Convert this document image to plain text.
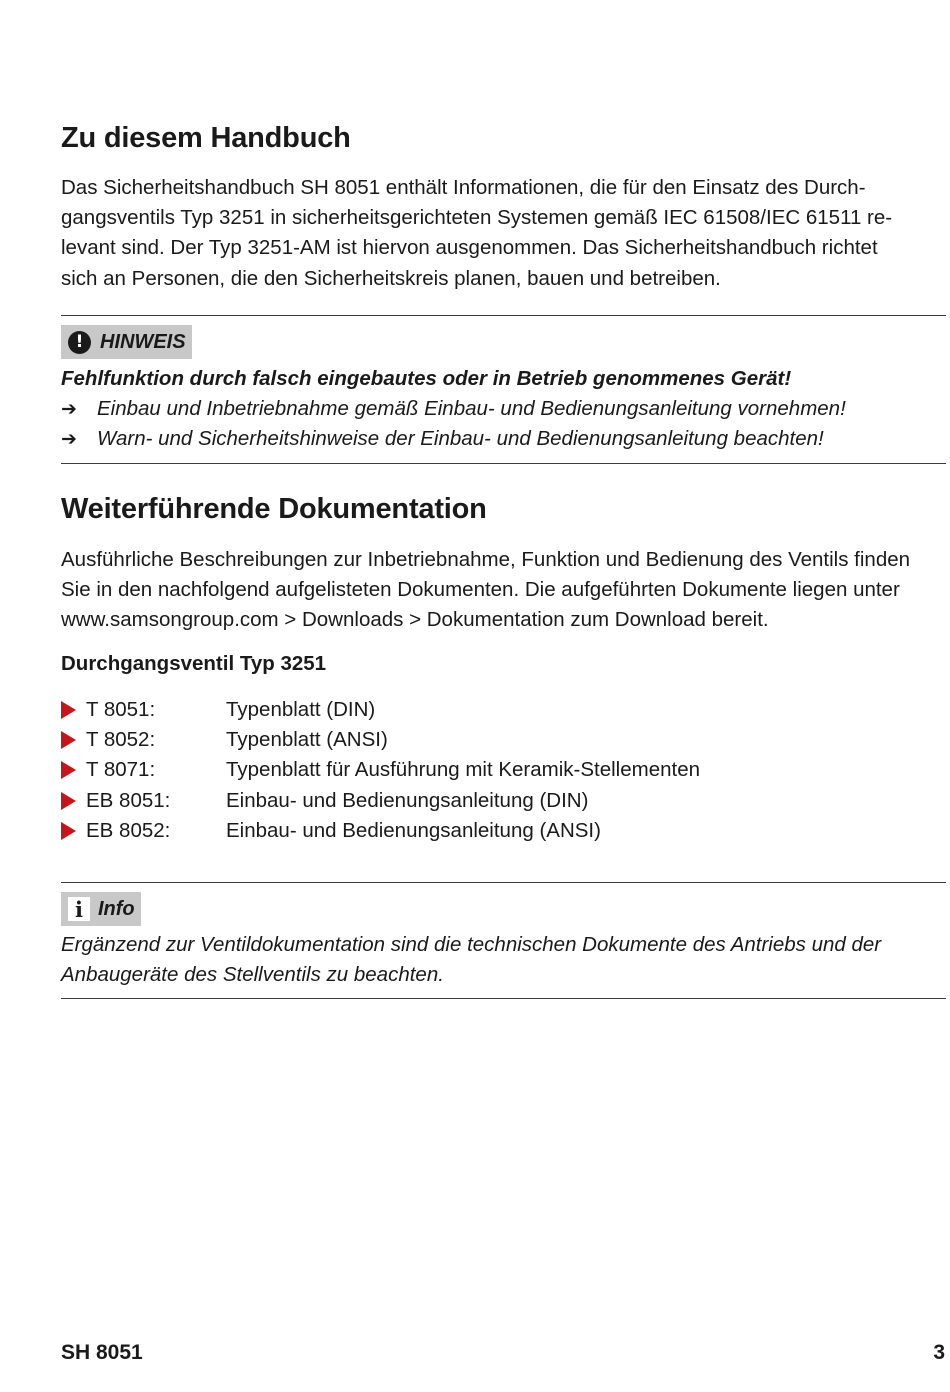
Zu diesem Handbuch
Das Sicherheitshandbuch SH 8051 enthält Informationen, die für den Einsatz des Durch-
gangsventils Typ 3251 in sicherheitsgerichteten Systemen gemäß IEC 61508/IEC 61511 re-
levant sind. Der Typ 3251-AM ist hiervon ausgenommen. Das Sicherheitshandbuch richtet
sich an Personen, die den Sicherheitskreis planen, bauen und betreiben.
! HINWEIS
Fehlfunktion durch falsch eingebautes oder in Betrieb genommenes Gerät!
➔ Einbau und Inbetriebnahme gemäß Einbau- und Bedienungsanleitung vornehmen!
➔ Warn- und Sicherheitshinweise der Einbau- und Bedienungsanleitung beachten!
Weiterführende Dokumentation
Ausführliche Beschreibungen zur Inbetriebnahme, Funktion und Bedienung des Ventils finden
Sie in den nachfolgend aufgelisteten Dokumenten. Die aufgeführten Dokumente liegen unter
www.samsongroup.com > Downloads > Dokumentation zum Download bereit.
Durchgangsventil Typ 3251
T 8051:	Typenblatt (DIN)
T 8052:	Typenblatt (ANSI)
T 8071:	Typenblatt für Ausführung mit Keramik-Stellementen
EB 8051:	Einbau- und Bedienungsanleitung (DIN)
EB 8052:	Einbau- und Bedienungsanleitung (ANSI)
i Info
Ergänzend zur Ventildokumentation sind die technischen Dokumente des Antriebs und der
Anbaugeräte des Stellventils zu beachten.
SH 8051	3
